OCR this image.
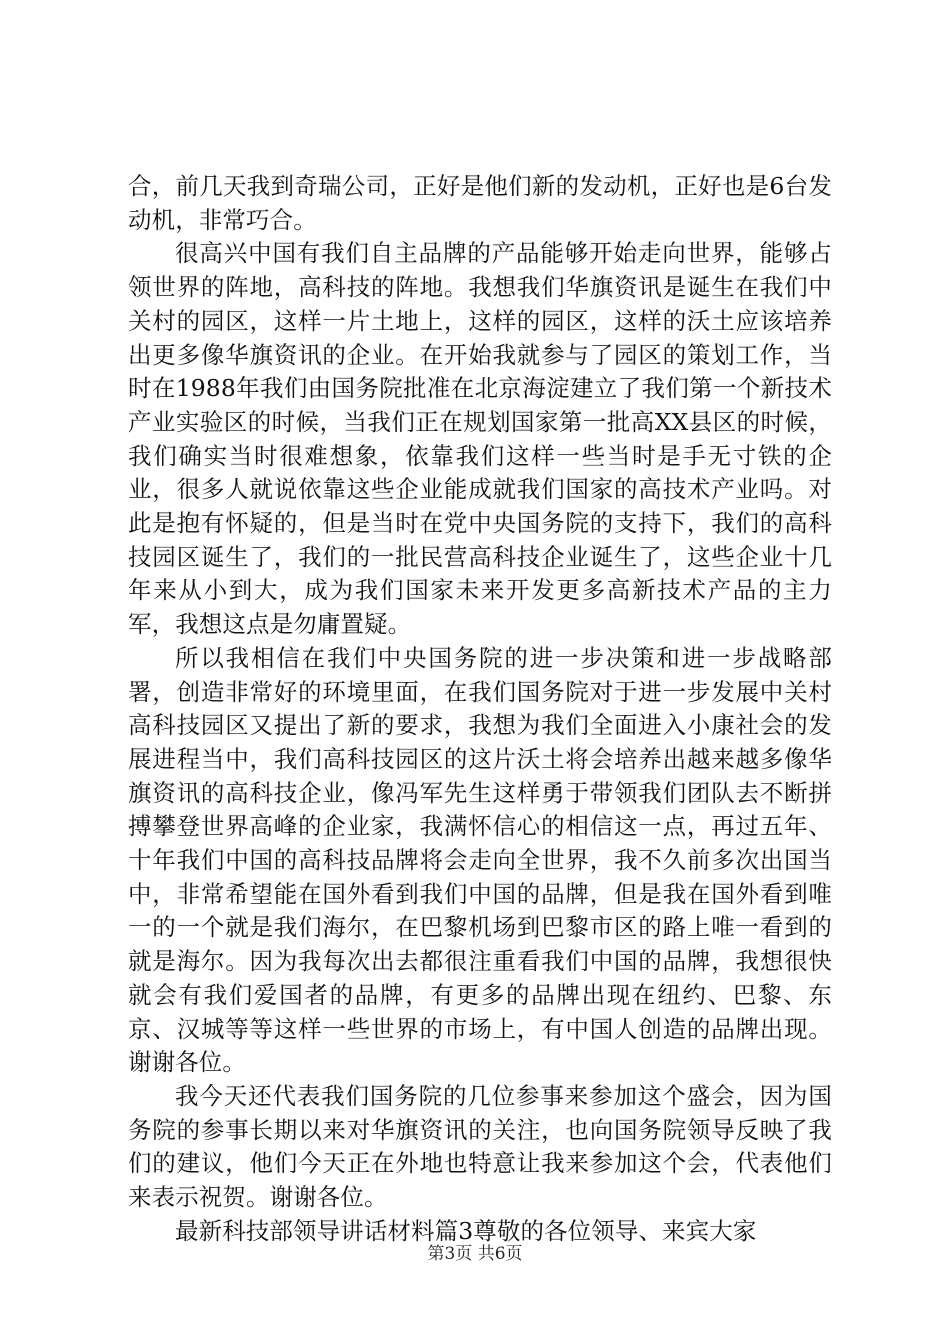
合，前几天我到奇瑞公司，正好是他们新的发动机，正好也是6台发动机，非常巧合。

很高兴中国有我们自主品牌的产品能够开始走向世界，能够占领世界的阵地，高科技的阵地。我想我们华旗资讯是诞生在我们中关村的园区，这样一片土地上，这样的园区，这样的沃土应该培养出更多像华旗资讯的企业。在开始我就参与了园区的策划工作，当时在1988年我们由国务院批准在北京海淀建立了我们第一个新技术产业实验区的时候，当我们正在规划国家第一批高XX县区的时候，我们确实当时很难想象，依靠我们这样一些当时是手无寸铁的企业，很多人就说依靠这些企业能成就我们国家的高技术产业吗。对此是抱有怀疑的，但是当时在党中央国务院的支持下，我们的高科技园区诞生了，我们的一批民营高科技企业诞生了，这些企业十几年来从小到大，成为我们国家未来开发更多高新技术产品的主力军，我想这点是勿庸置疑。

所以我相信在我们中央国务院的进一步决策和进一步战略部署，创造非常好的环境里面，在我们国务院对于进一步发展中关村高科技园区又提出了新的要求，我想为我们全面进入小康社会的发展进程当中，我们高科技园区的这片沃土将会培养出越来越多像华旗资讯的高科技企业，像冯军先生这样勇于带领我们团队去不断拼搏攀登世界高峰的企业家，我满怀信心的相信这一点，再过五年、十年我们中国的高科技品牌将会走向全世界，我不久前多次出国当中，非常希望能在国外看到我们中国的品牌，但是我在国外看到唯一的一个就是我们海尔，在巴黎机场到巴黎市区的路上唯一看到的就是海尔。因为我每次出去都很注重看我们中国的品牌，我想很快就会有我们爱国者的品牌，有更多的品牌出现在纽约、巴黎、东京、汉城等等这样一些世界的市场上，有中国人创造的品牌出现。谢谢各位。

我今天还代表我们国务院的几位参事来参加这个盛会，因为国务院的参事长期以来对华旗资讯的关注，也向国务院领导反映了我们的建议，他们今天正在外地也特意让我来参加这个会，代表他们来表示祝贺。谢谢各位。

最新科技部领导讲话材料篇3尊敬的各位领导、来宾大家

第3页 共6页
